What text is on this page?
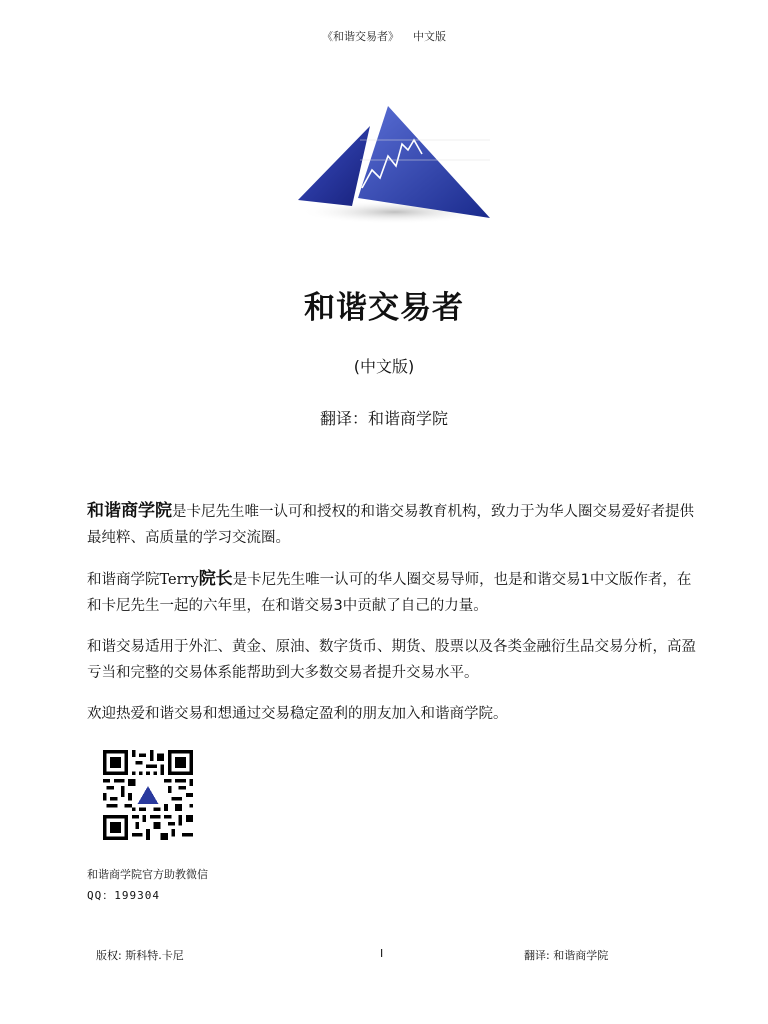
《和谐交易者》 中文版
和谐交易者
(中文版)
翻译：和谐商学院

和谐商学院是卡尼先生唯一认可和授权的和谐交易教育机构，致力于为华人圈交易爱好者提供最纯粹、高质量的学习交流圈。

和谐商学院Terry院长是卡尼先生唯一认可的华人圈交易导师，也是和谐交易1中文版作者，在和卡尼先生一起的六年里，在和谐交易3中贡献了自己的力量。

和谐交易适用于外汇、黄金、原油、数字货币、期货、股票以及各类金融衍生品交易分析，高盈亏当和完整的交易体系能帮助到大多数交易者提升交易水平。

欢迎热爱和谐交易和想通过交易稳定盈利的朋友加入和谐商学院。

和谐商学院官方助教微信
QQ：199304
版权: 斯科特.卡尼	I	翻译: 和谐商学院
